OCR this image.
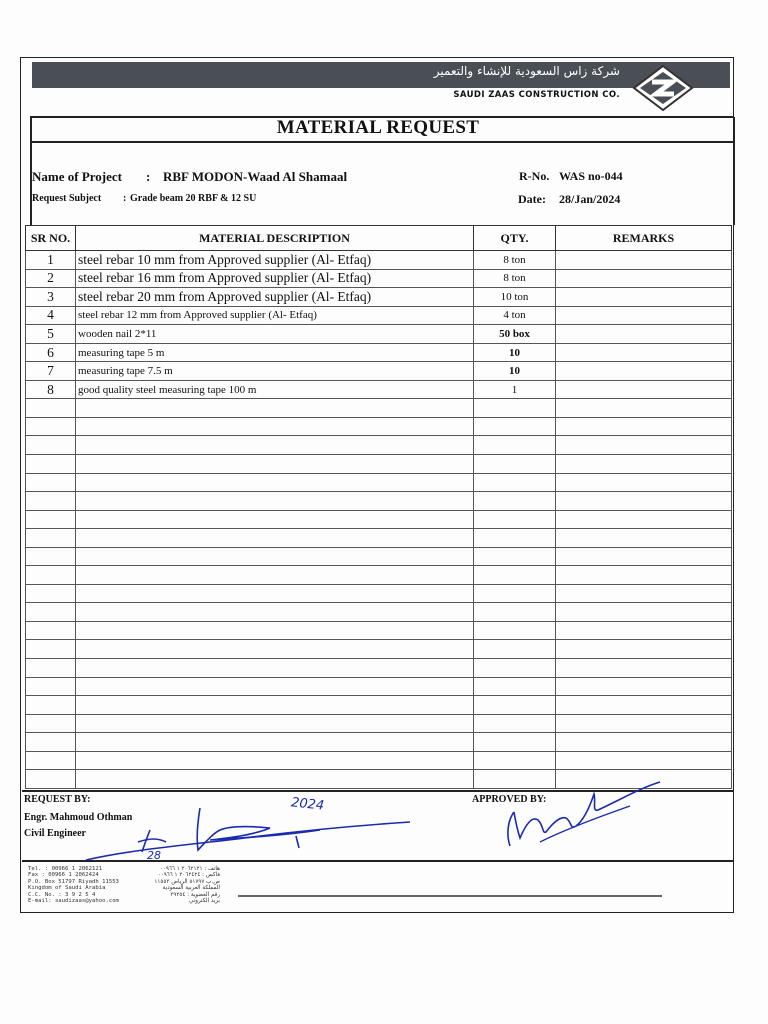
شركة زاس السعودية للإنشاء والتعمير
SAUDI ZAAS CONSTRUCTION CO.
MATERIAL REQUEST
Name of Project : RBF MODON-Waad Al Shamaal
Request Subject : Grade beam 20 RBF & 12 SU
R-No. WAS no-044
Date: 28/Jan/2024
SR NO.	MATERIAL DESCRIPTION	QTY.	REMARKS
1	steel rebar 10 mm from Approved supplier (Al- Etfaq)	8 ton	
2	steel rebar 16 mm from Approved supplier (Al- Etfaq)	8 ton	
3	steel rebar 20 mm from Approved supplier (Al- Etfaq)	10 ton	
4	steel rebar 12 mm from Approved supplier (Al- Etfaq)	4 ton	
5	wooden nail 2*11	50 box	
6	measuring tape 5 m	10	
7	measuring tape 7.5 m	10	
8	good quality steel measuring tape 100 m	1	

REQUEST BY:
Engr. Mahmoud Othman
Civil Engineer
2024
28
APPROVED BY:
Tel. : 00966 1 2062121
Fax : 00966 1 2062424
P.O. Box 51797 Riyadh 11553
Kingdom of Saudi Arabia
C.C. No. : 3 9 2 5 4
E-mail: saudizaas@yahoo.com
هاتف : ٢٠٦٢١٢١ ١ ٠٠٩٦٦
فاكس : ٢٠٦٢٤٢٤ ١ ٠٠٩٦٦
ص.ب ٥١٧٩٧ الرياض ١١٥٥٣
المملكة العربية السعودية
رقم العضوية : ٣٩٢٥٤
بريد الكتروني
